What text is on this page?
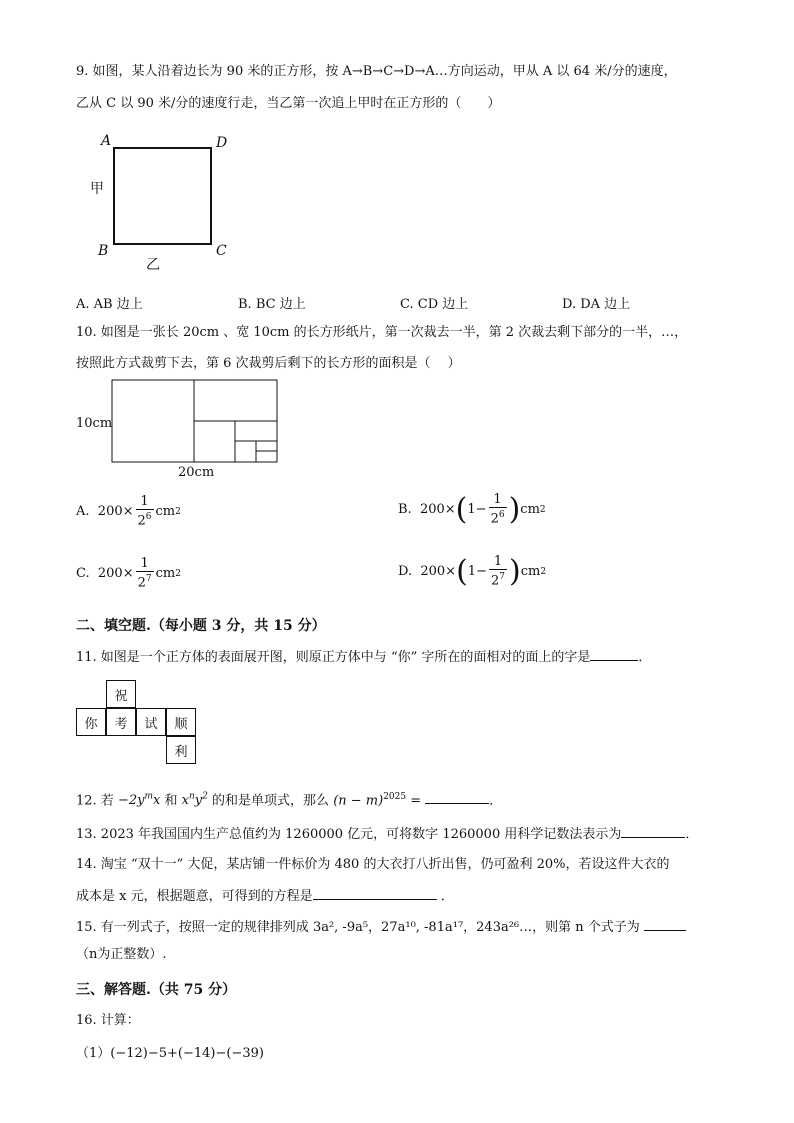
9. 如图，某人沿着边长为 90 米的正方形，按 A→B→C→D→A…方向运动，甲从 A 以 64 米/分的速度，
乙从 C 以 90 米/分的速度行走，当乙第一次追上甲时在正方形的（　　）
A	D
B	C
甲
乙
A. AB 边上	B. BC 边上	C. CD 边上	D. DA 边上
10. 如图是一张长 20cm 、宽 10cm 的长方形纸片，第一次裁去一半，第 2 次裁去剩下部分的一半，…，
按照此方式裁剪下去，第 6 次裁剪后剩下的长方形的面积是（　 ）
10cm
20cm
A.
$200\times \frac{1}{2^6}$ cm 2	B.
200× ( $1- \frac{1}{2^6}$ ) cm 2
C.
$200\times \frac{1}{2^7}$ cm 2	D.
200× ( $1- \frac{1}{2^7}$ ) cm 2
二、填空题.（每小题 3 分，共 15 分）
11. 如图是一个正方体的表面展开图，则原正方体中与 “你” 字所在的面相对的面上的字是	．
祝
你	考	试	顺
利
12. 若 $-2y^mx$ 和 $x^ny^2$ 的和是单项式，那么 $(n - m)^{2025}$ =	．
13. 2023 年我国国内生产总值约为 1260000 亿元，可将数字 1260000 用科学记数法表示为	．
14. 淘宝 “双十一” 大促，某店铺一件标价为 480 的大衣打八折出售，仍可盈利 20%，若设这件大衣的
成本是 x 元，根据题意，可得到的方程是	．
15. 有一列式子，按照一定的规律排列成 3a², -9a⁵，27a¹⁰, -81a¹⁷，243a²⁶…，则第 n 个式子为
（n为正整数）.
三、解答题.（共 75 分）
16. 计算：
（1）(−12)−5+(−14)−(−39)
